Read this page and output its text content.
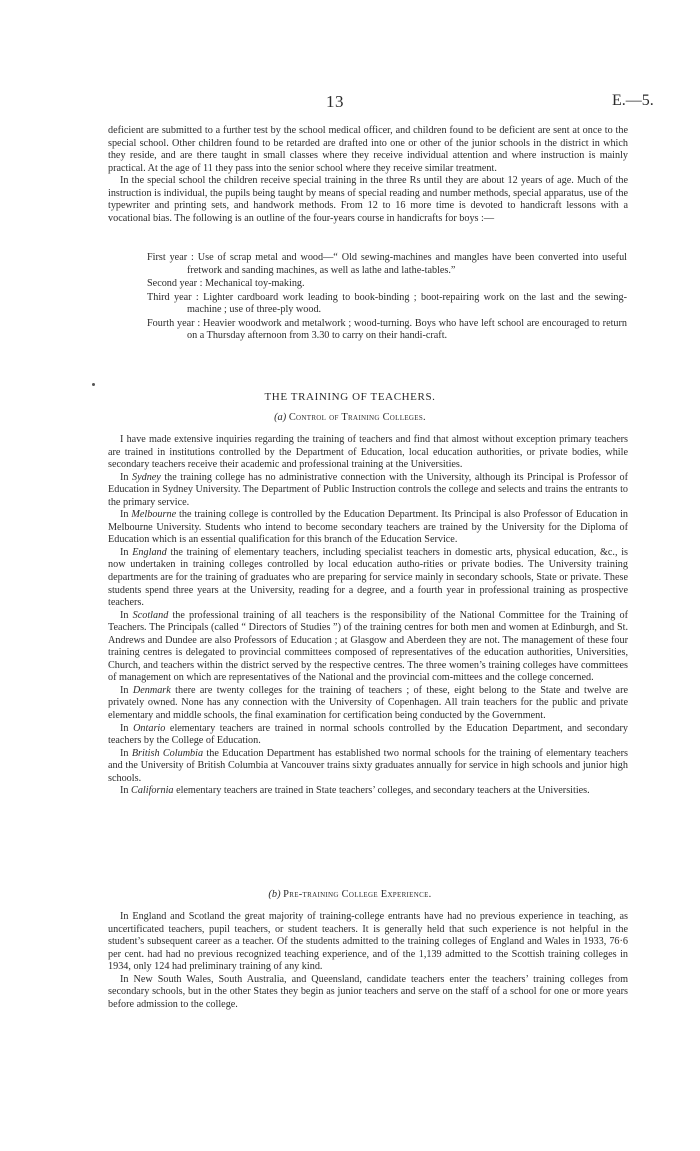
13	E.—5.

deficient are submitted to a further test by the school medical officer, and children found to be deficient are sent at once to the special school. Other children found to be retarded are drafted into one or other of the junior schools in the district in which they reside, and are there taught in small classes where they receive individual attention and where instruction is mainly practical. At the age of 11 they pass into the senior school where they receive similar treatment.

In the special school the children receive special training in the three Rs until they are about 12 years of age. Much of the instruction is individual, the pupils being taught by means of special reading and number methods, special apparatus, use of the typewriter and printing sets, and handwork methods. From 12 to 16 more time is devoted to handicraft lessons with a vocational bias. The following is an outline of the four-years course in handicrafts for boys :—

First year : Use of scrap metal and wood—“ Old sewing-machines and mangles have been converted into useful fretwork and sanding machines, as well as lathe and lathe-tables.”
Second year : Mechanical toy-making.
Third year : Lighter cardboard work leading to book-binding ; boot-repairing work on the last and the sewing-machine ; use of three-ply wood.
Fourth year : Heavier woodwork and metalwork ; wood-turning. Boys who have left school are encouraged to return on a Thursday afternoon from 3.30 to carry on their handi-craft.
THE TRAINING OF TEACHERS.
(a) Control of Training Colleges.

I have made extensive inquiries regarding the training of teachers and find that almost without exception primary teachers are trained in institutions controlled by the Department of Education, local education authorities, or private bodies, while secondary teachers receive their academic and professional training at the Universities.

In Sydney the training college has no administrative connection with the University, although its Principal is Professor of Education in Sydney University. The Department of Public Instruction controls the college and selects and trains the entrants to the primary service.

In Melbourne the training college is controlled by the Education Department. Its Principal is also Professor of Education in Melbourne University. Students who intend to become secondary teachers are trained by the University for the Diploma of Education which is an essential qualification for this branch of the Education Service.

In England the training of elementary teachers, including specialist teachers in domestic arts, physical education, &c., is now undertaken in training colleges controlled by local education autho-rities or private bodies. The University training departments are for the training of graduates who are preparing for service mainly in secondary schools, State or private. These students spend three years at the University, reading for a degree, and a fourth year in professional training as prospective teachers.

In Scotland the professional training of all teachers is the responsibility of the National Committee for the Training of Teachers. The Principals (called “ Directors of Studies ”) of the training centres for both men and women at Edinburgh, and St. Andrews and Dundee are also Professors of Education ; at Glasgow and Aberdeen they are not. The management of these four training centres is delegated to provincial committees composed of representatives of the education authorities, Universities, Church, and teachers within the district served by the respective centres. The three women’s training colleges have committees of management on which are representatives of the National and the provincial com-mittees and the college concerned.

In Denmark there are twenty colleges for the training of teachers ; of these, eight belong to the State and twelve are privately owned. None has any connection with the University of Copenhagen. All train teachers for the public and private elementary and middle schools, the final examination for certification being conducted by the Government.

In Ontario elementary teachers are trained in normal schools controlled by the Education Department, and secondary teachers by the College of Education.

In British Columbia the Education Department has established two normal schools for the training of elementary teachers and the University of British Columbia at Vancouver trains sixty graduates annually for service in high schools and junior high schools.

In California elementary teachers are trained in State teachers’ colleges, and secondary teachers at the Universities.

(b) Pre-training College Experience.

In England and Scotland the great majority of training-college entrants have had no previous experience in teaching, as uncertificated teachers, pupil teachers, or student teachers. It is generally held that such experience is not helpful in the student’s subsequent career as a teacher. Of the students admitted to the training colleges of England and Wales in 1933, 76·6 per cent. had had no previous recognized teaching experience, and of the 1,139 admitted to the Scottish training colleges in 1934, only 124 had preliminary training of any kind.

In New South Wales, South Australia, and Queensland, candidate teachers enter the teachers’ training colleges from secondary schools, but in the other States they begin as junior teachers and serve on the staff of a school for one or more years before admission to the college.
